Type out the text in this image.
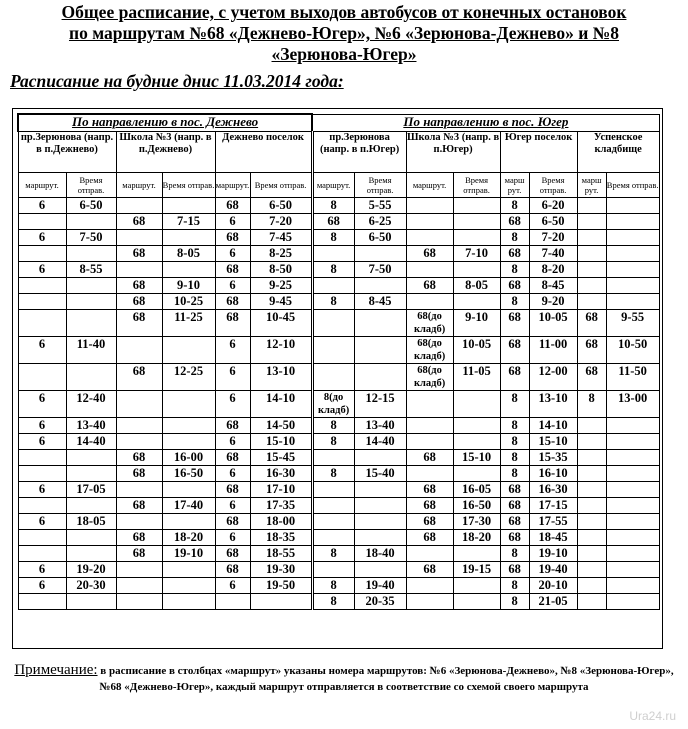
Общее расписание, с учетом выходов автобусов от конечных остановок
по маршрутам №68 «Дежнево-Югер», №6 «Зерюнова-Дежнево» и №8
«Зерюнова-Югер»
Расписание на будние днис 11.03.2014 года:
По направлению в пос. Дежнево						По направлению в пос. Югер							
пр.Зерюнова (напр. в п.Дежнево)		Школа №3 (напр. в п.Дежнево)		Дежнево поселок		пр.Зерюнова (напр. в п.Югер)		Школа №3 (напр. в п.Югер)		Югер поселок		Успенское кладбище	
маршрут.	Время отправ.	маршрут.	Время отправ.	маршрут.	Время отправ.	маршрут.	Время отправ.	маршрут.	Время отправ.	марш рут.	Время отправ.	марш рут.	Время отправ.
6	6-50			68	6-50	8	5-55			8	6-20		
		68	7-15	6	7-20	68	6-25			68	6-50		
6	7-50			68	7-45	8	6-50			8	7-20		
		68	8-05	6	8-25			68	7-10	68	7-40		
6	8-55			68	8-50	8	7-50			8	8-20		
		68	9-10	6	9-25			68	8-05	68	8-45		
		68	10-25	68	9-45	8	8-45			8	9-20		
		68	11-25	68	10-45			68(до кладб)	9-10	68	10-05	68	9-55
6	11-40			6	12-10			68(до кладб)	10-05	68	11-00	68	10-50
		68	12-25	6	13-10			68(до кладб)	11-05	68	12-00	68	11-50
6	12-40			6	14-10	8(до кладб)	12-15			8	13-10	8	13-00
6	13-40			68	14-50	8	13-40			8	14-10		
6	14-40			6	15-10	8	14-40			8	15-10		
		68	16-00	68	15-45			68	15-10	8	15-35		
		68	16-50	6	16-30	8	15-40			8	16-10		
6	17-05			68	17-10			68	16-05	68	16-30		
		68	17-40	6	17-35			68	16-50	68	17-15		
6	18-05			68	18-00			68	17-30	68	17-55		
		68	18-20	6	18-35			68	18-20	68	18-45		
		68	19-10	68	18-55	8	18-40			8	19-10		
6	19-20			68	19-30			68	19-15	68	19-40		
6	20-30			6	19-50	8	19-40			8	20-10		
						8	20-35			8	21-05		
Примечание: в расписание в столбцах «маршрут» указаны номера маршрутов: №6 «Зерюнова-Дежнево», №8 «Зерюнова-Югер», №68 «Дежнево-Югер», каждый маршрут отправляется в соответствие со схемой своего маршрута
Ura24.ru
